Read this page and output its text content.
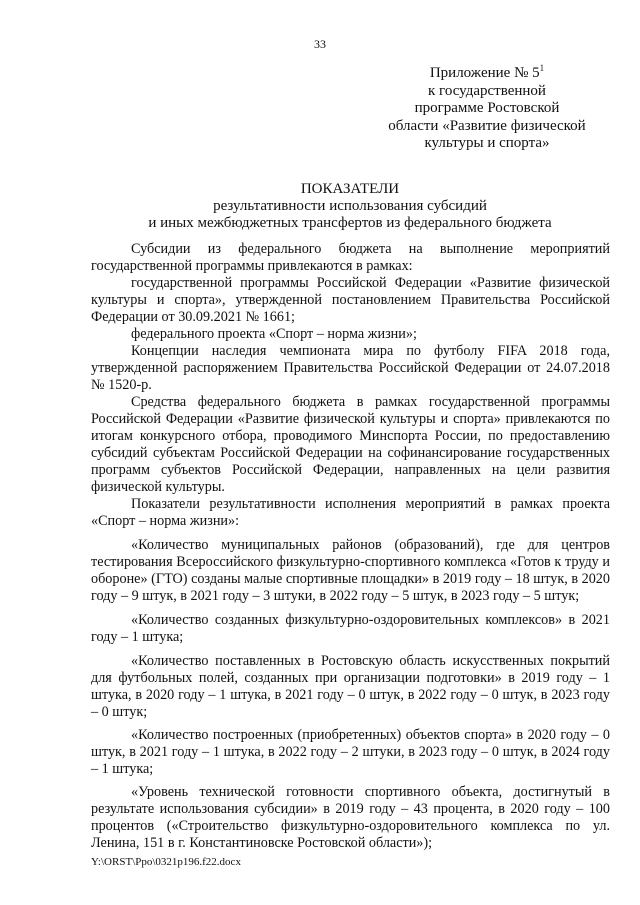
33
Приложение № $5^1$
к государственной
программе Ростовской
области «Развитие физической
культуры и спорта»
ПОКАЗАТЕЛИ
результативности использования субсидий
и иных межбюджетных трансфертов из федерального бюджета

Субсидии из федерального бюджета на выполнение мероприятий государственной программы привлекаются в рамках:

государственной программы Российской Федерации «Развитие физической культуры и спорта», утвержденной постановлением Правительства Российской Федерации от 30.09.2021 № 1661;

федерального проекта «Спорт – норма жизни»;

Концепции наследия чемпионата мира по футболу FIFA 2018 года, утвержденной распоряжением Правительства Российской Федерации от 24.07.2018 № 1520-р.

Средства федерального бюджета в рамках государственной программы Российской Федерации «Развитие физической культуры и спорта» привлекаются по итогам конкурсного отбора, проводимого Минспорта России, по предоставлению субсидий субъектам Российской Федерации на софинансирование государственных программ субъектов Российской Федерации, направленных на цели развития физической культуры.

Показатели результативности исполнения мероприятий в рамках проекта «Спорт – норма жизни»:

«Количество муниципальных районов (образований), где для центров тестирования Всероссийского физкультурно-спортивного комплекса «Готов к труду и обороне» (ГТО) созданы малые спортивные площадки» в 2019 году – 18 штук, в 2020 году – 9 штук, в 2021 году – 3 штуки, в 2022 году – 5 штук, в 2023 году – 5 штук;

«Количество созданных физкультурно-оздоровительных комплексов» в 2021 году – 1 штука;

«Количество поставленных в Ростовскую область искусственных покрытий для футбольных полей, созданных при организации подготовки» в 2019 году – 1 штука, в 2020 году – 1 штука, в 2021 году – 0 штук, в 2022 году – 0 штук, в 2023 году – 0 штук;

«Количество построенных (приобретенных) объектов спорта» в 2020 году – 0 штук, в 2021 году – 1 штука, в 2022 году – 2 штуки, в 2023 году – 0 штук, в 2024 году – 1 штука;

«Уровень технической готовности спортивного объекта, достигнутый в результате использования субсидии» в 2019 году – 43 процента, в 2020 году – 100 процентов («Строительство физкультурно-оздоровительного комплекса по ул. Ленина, 151 в г. Константиновске Ростовской области»);

Y:\ORST\Ppo\0321p196.f22.docx
